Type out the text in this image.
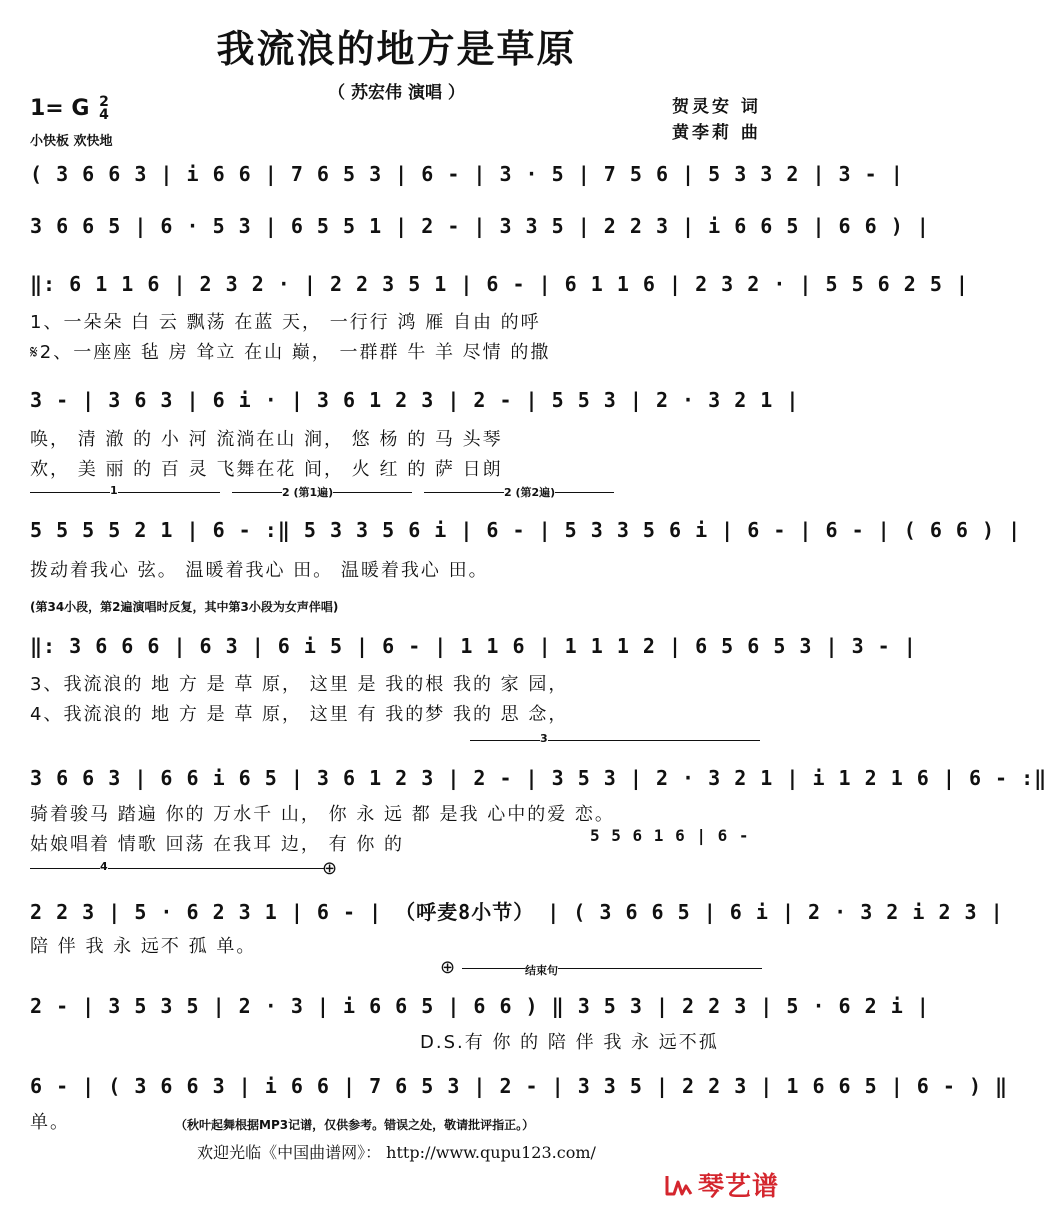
我流浪的地方是草原
（ 苏宏伟 演唱 ）
贺灵安 词
黄李莉 曲
1= G 2
4
小快板 欢快地
( 3 6 6 3 | i 6 6 | 7 6 5 3 | 6 - | 3 · 5 | 7 5 6 | 5 3 3 2 | 3 - |
3 6 6 5 | 6 · 5 3 | 6 5 5 1 | 2 - | 3 3 5 | 2 2 3 | i 6 6 5 | 6 6 ) |
‖: 6 1 1 6 | 2 3 2 · | 2 2 3 5 1 | 6 - | 6 1 1 6 | 2 3 2 · | 5 5 6 2 5 |
1、一朵朵 白 云 飘荡 在蓝 天， 一行行 鸿 雁 自由 的呼
𝄋2、一座座 毡 房 耸立 在山 巅， 一群群 牛 羊 尽情 的撒
3 - | 3 6 3 | 6 i · | 3 6 1 2 3 | 2 - | 5 5 3 | 2 · 3 2 1 |
唤， 清 澈 的 小 河 流淌在山 涧， 悠 杨 的 马 头琴
欢， 美 丽 的 百 灵 飞舞在花 间， 火 红 的 萨 日朗
1	2 (第1遍)	2 (第2遍)
5 5 5 5 2 1 | 6 - :‖ 5 3 3 5 6 i | 6 - | 5 3 3 5 6 i | 6 - | 6 - | ( 6 6 ) |
拨动着我心 弦。 温暖着我心 田。 温暖着我心 田。
(第34小段，第2遍演唱时反复，其中第3小段为女声伴唱)
‖: 3 6 6 6 | 6 3 | 6 i 5 | 6 - | 1 1 6 | 1 1 1 2 | 6 5 6 5 3 | 3 - |
3、我流浪的 地 方 是 草 原， 这里 是 我的根 我的 家 园，
4、我流浪的 地 方 是 草 原， 这里 有 我的梦 我的 思 念，
3
3 6 6 3 | 6 6 i 6 5 | 3 6 1 2 3 | 2 - | 3 5 3 | 2 · 3 2 1 | i 1 2 1 6 | 6 - :‖
骑着骏马 踏遍 你的 万水千 山， 你 永 远 都 是我 心中的爱 恋。
姑娘唱着 情歌 回荡 在我耳 边， 有 你 的	5 5 6 1 6 | 6 -
4	⊕
2 2 3 | 5 · 6 2 3 1 | 6 - | （呼麦8小节） | ( 3 6 6 5 | 6 i | 2 · 3 2 i 2 3 |
陪 伴 我 永 远不 孤 单。
⊕	结束句
2 - | 3 5 3 5 | 2 · 3 | i 6 6 5 | 6 6 ) ‖ 3 5 3 | 2 2 3 | 5 · 6 2 i |
D.S.有 你 的 陪 伴 我 永 远不孤
6 - | ( 3 6 6 3 | i 6 6 | 7 6 5 3 | 2 - | 3 3 5 | 2 2 3 | 1 6 6 5 | 6 - ) ‖
单。	（秋叶起舞根据MP3记谱，仅供参考。错误之处，敬请批评指正。）
欢迎光临《中国曲谱网》： http://www.qupu123.com/
琴艺谱
